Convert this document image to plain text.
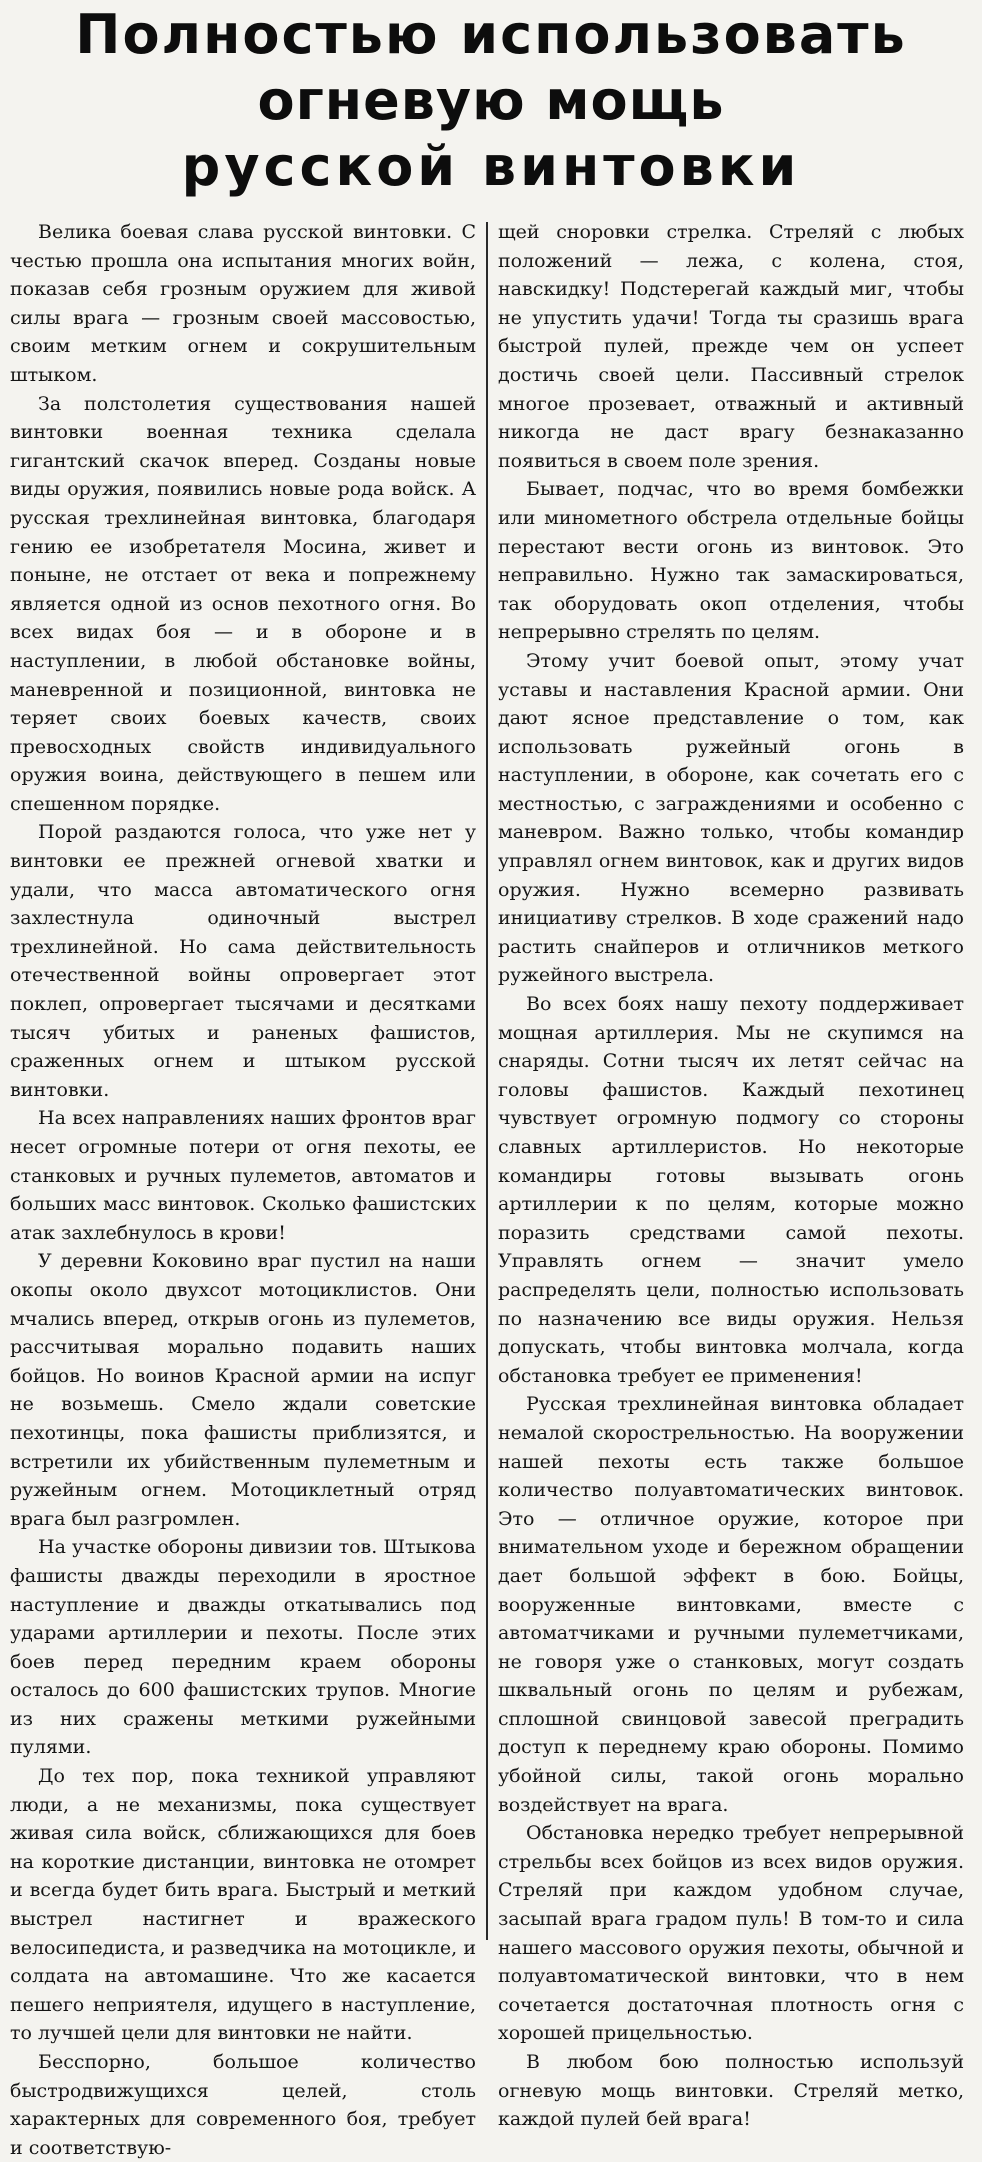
Полностью использовать
огневую мощь
русской винтовки

Велика боевая слава русской винтовки. С честью прошла она испытания многих войн, показав себя грозным оружием для живой силы врага — грозным своей массовостью, своим метким огнем и сокрушительным штыком.

За полстолетия существования нашей винтовки военная техника сделала гигантский скачок вперед. Созданы новые виды оружия, появились новые рода войск. А русская трехлинейная винтовка, благодаря гению ее изобретателя Мосина, живет и поныне, не отстает от века и попрежнему является одной из основ пехотного огня. Во всех видах боя — и в обороне и в наступлении, в любой обстановке войны, маневренной и позиционной, винтовка не теряет своих боевых качеств, своих превосходных свойств индивидуального оружия воина, действующего в пешем или спешенном порядке.

Порой раздаются голоса, что уже нет у винтовки ее прежней огневой хватки и удали, что масса автоматического огня захлестнула одиночный выстрел трехлинейной. Но сама действительность отечественной войны опровергает этот поклеп, опровергает тысячами и десятками тысяч убитых и раненых фашистов, сраженных огнем и штыком русской винтовки.

На всех направлениях наших фронтов враг несет огромные потери от огня пехоты, ее станковых и ручных пулеметов, автоматов и больших масс винтовок. Сколько фашистских атак захлебнулось в крови!

У деревни Коковино враг пустил на наши окопы около двухсот мотоциклистов. Они мчались вперед, открыв огонь из пулеметов, рассчитывая морально подавить наших бойцов. Но воинов Красной армии на испуг не возьмешь. Смело ждали советские пехотинцы, пока фашисты приблизятся, и встретили их убийственным пулеметным и ружейным огнем. Мотоциклетный отряд врага был разгромлен.

На участке обороны дивизии тов. Штыкова фашисты дважды переходили в яростное наступление и дважды откатывались под ударами артиллерии и пехоты. После этих боев перед передним краем обороны осталось до 600 фашистских трупов. Многие из них сражены меткими ружейными пулями.

До тех пор, пока техникой управляют люди, а не механизмы, пока существует живая сила войск, сближающихся для боев на короткие дистанции, винтовка не отомрет и всегда будет бить врага. Быстрый и меткий выстрел настигнет и вражеского велосипедиста, и разведчика на мотоцикле, и солдата на автомашине. Что же касается пешего неприятеля, идущего в наступление, то лучшей цели для винтовки не найти.

Бесспорно, большое количество быстродвижущихся целей, столь характерных для современного боя, требует и соответствую-

щей сноровки стрелка. Стреляй с любых положений — лежа, с колена, стоя, навскидку! Подстерегай каждый миг, чтобы не упустить удачи! Тогда ты сразишь врага быстрой пулей, прежде чем он успеет достичь своей цели. Пассивный стрелок многое прозевает, отважный и активный никогда не даст врагу безнаказанно появиться в своем поле зрения.

Бывает, подчас, что во время бомбежки или минометного обстрела отдельные бойцы перестают вести огонь из винтовок. Это неправильно. Нужно так замаскироваться, так оборудовать окоп отделения, чтобы непрерывно стрелять по целям.

Этому учит боевой опыт, этому учат уставы и наставления Красной армии. Они дают ясное представление о том, как использовать ружейный огонь в наступлении, в обороне, как сочетать его с местностью, с заграждениями и особенно с маневром. Важно только, чтобы командир управлял огнем винтовок, как и других видов оружия. Нужно всемерно развивать инициативу стрелков. В ходе сражений надо растить снайперов и отличников меткого ружейного выстрела.

Во всех боях нашу пехоту поддерживает мощная артиллерия. Мы не скупимся на снаряды. Сотни тысяч их летят сейчас на головы фашистов. Каждый пехотинец чувствует огромную подмогу со стороны славных артиллеристов. Но некоторые командиры готовы вызывать огонь артиллерии к по целям, которые можно поразить средствами самой пехоты. Управлять огнем — значит умело распределять цели, полностью использовать по назначению все виды оружия. Нельзя допускать, чтобы винтовка молчала, когда обстановка требует ее применения!

Русская трехлинейная винтовка обладает немалой скорострельностью. На вооружении нашей пехоты есть также большое количество полуавтоматических винтовок. Это — отличное оружие, которое при внимательном уходе и бережном обращении дает большой эффект в бою. Бойцы, вооруженные винтовками, вместе с автоматчиками и ручными пулеметчиками, не говоря уже о станковых, могут создать шквальный огонь по целям и рубежам, сплошной свинцовой завесой преградить доступ к переднему краю обороны. Помимо убойной силы, такой огонь морально воздействует на врага.

Обстановка нередко требует непрерывной стрельбы всех бойцов из всех видов оружия. Стреляй при каждом удобном случае, засыпай врага градом пуль! В том-то и сила нашего массового оружия пехоты, обычной и полуавтоматической винтовки, что в нем сочетается достаточная плотность огня с хорошей прицельностью.

В любом бою полностью используй огневую мощь винтовки. Стреляй метко, каждой пулей бей врага!
